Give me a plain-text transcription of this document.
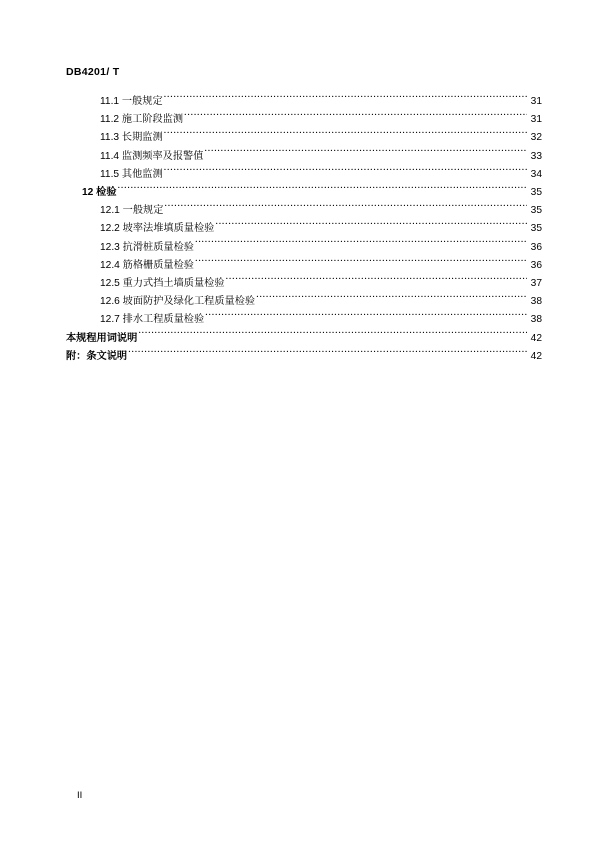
DB4201/ T
11.1 一般规定 .....	31
11.2 施工阶段监测 .....	31
11.3 长期监测 .....	32
11.4 监测频率及报警值 .....	33
11.5 其他监测 .....	34
12 检验 .....	35
12.1 一般规定 .....	35
12.2 坡率法堆填质量检验 .....	35
12.3 抗滑桩质量检验 .....	36
12.4 筋格栅质量检验 .....	36
12.5 重力式挡土墙质量检验 .....	37
12.6 坡面防护及绿化工程质量检验 .....	38
12.7 排水工程质量检验 .....	38
本规程用词说明 .....	42
附：条文说明 .....	42
II
